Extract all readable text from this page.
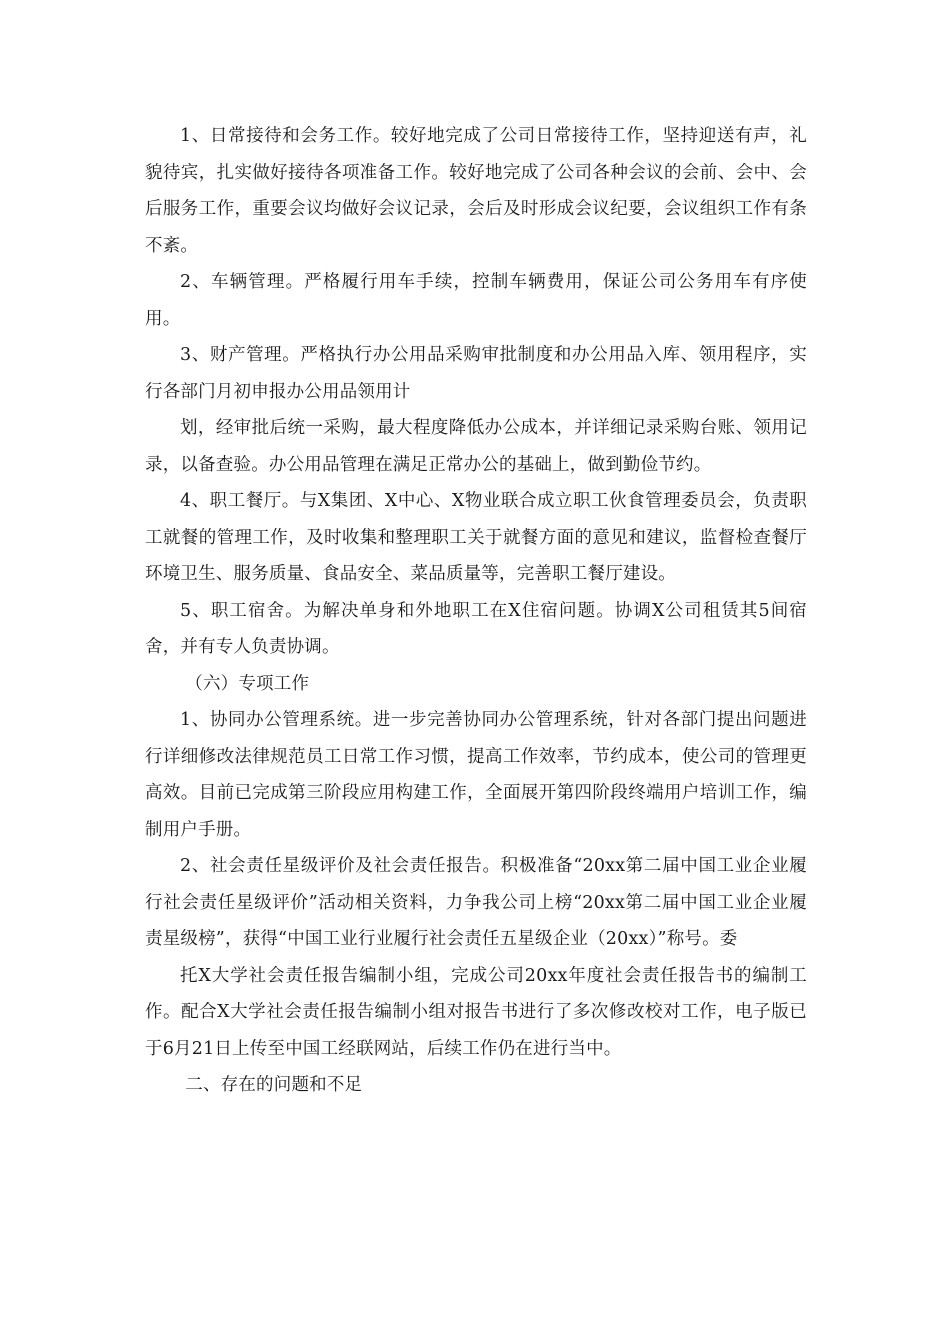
1、日常接待和会务工作。较好地完成了公司日常接待工作，坚持迎送有声，礼貌待宾，扎实做好接待各项准备工作。较好地完成了公司各种会议的会前、会中、会后服务工作，重要会议均做好会议记录，会后及时形成会议纪要，会议组织工作有条不紊。

2、车辆管理。严格履行用车手续，控制车辆费用，保证公司公务用车有序使用。

3、财产管理。严格执行办公用品采购审批制度和办公用品入库、领用程序，实行各部门月初申报办公用品领用计

划，经审批后统一采购，最大程度降低办公成本，并详细记录采购台账、领用记录，以备查验。办公用品管理在满足正常办公的基础上，做到勤俭节约。

4、职工餐厅。与X集团、X中心、X物业联合成立职工伙食管理委员会，负责职工就餐的管理工作，及时收集和整理职工关于就餐方面的意见和建议，监督检查餐厅环境卫生、服务质量、食品安全、菜品质量等，完善职工餐厅建设。

5、职工宿舍。为解决单身和外地职工在X住宿问题。协调X公司租赁其5间宿舍，并有专人负责协调。

（六）专项工作

1、协同办公管理系统。进一步完善协同办公管理系统，针对各部门提出问题进行详细修改法律规范员工日常工作习惯，提高工作效率，节约成本，使公司的管理更高效。目前已完成第三阶段应用构建工作，全面展开第四阶段终端用户培训工作，编制用户手册。

2、社会责任星级评价及社会责任报告。积极准备“20xx第二届中国工业企业履行社会责任星级评价”活动相关资料，力争我公司上榜“20xx第二届中国工业企业履责星级榜”，获得“中国工业行业履行社会责任五星级企业（20xx）”称号。委

托X大学社会责任报告编制小组，完成公司20xx年度社会责任报告书的编制工作。配合X大学社会责任报告编制小组对报告书进行了多次修改校对工作，电子版已于6月21日上传至中国工经联网站，后续工作仍在进行当中。

二、存在的问题和不足
